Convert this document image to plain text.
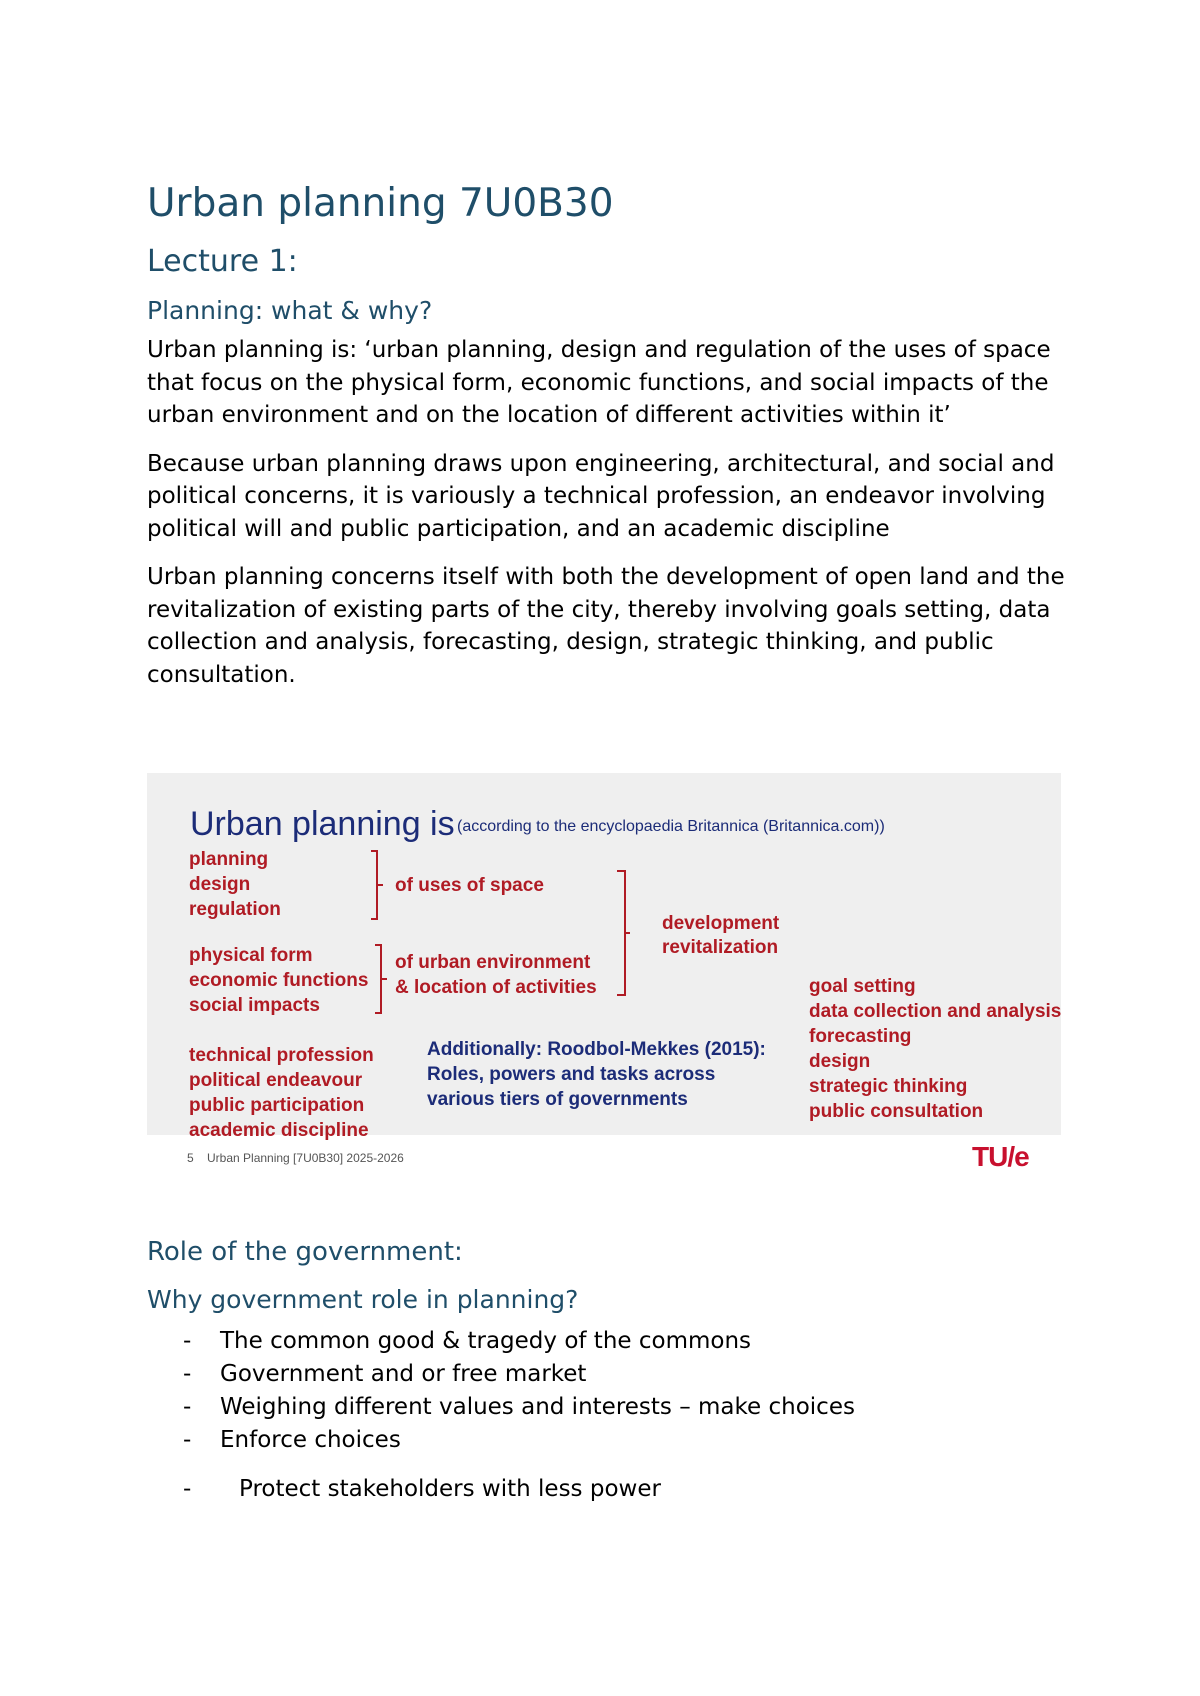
Urban planning 7U0B30
Lecture 1:
Planning: what & why?

Urban planning is: ‘urban planning, design and regulation of the uses of space that focus on the physical form, economic functions, and social impacts of the urban environment and on the location of different activities within it’

Because urban planning draws upon engineering, architectural, and social and political concerns, it is variously a technical profession, an endeavor involving political will and public participation, and an academic discipline

Urban planning concerns itself with both the development of open land and the revitalization of existing parts of the city, thereby involving goals setting, data collection and analysis, forecasting, design, strategic thinking, and public consultation.

Urban planning is (according to the encyclopaedia Britannica (Britannica.com))
planning
design
regulation
of uses of space
development
revitalization
physical form
economic functions
social impacts
of urban environment
& location of activities
technical profession
political endeavour
public participation
academic discipline
Additionally: Roodbol-Mekkes (2015):
Roles, powers and tasks across
various tiers of governments
goal setting
data collection and analysis
forecasting
design
strategic thinking
public consultation
5 Urban Planning [7U0B30] 2025-2026	TU/e
Role of the government:
Why government role in planning?
- The common good & tragedy of the commons
- Government and or free market
- Weighing different values and interests – make choices
- Enforce choices
- Protect stakeholders with less power
